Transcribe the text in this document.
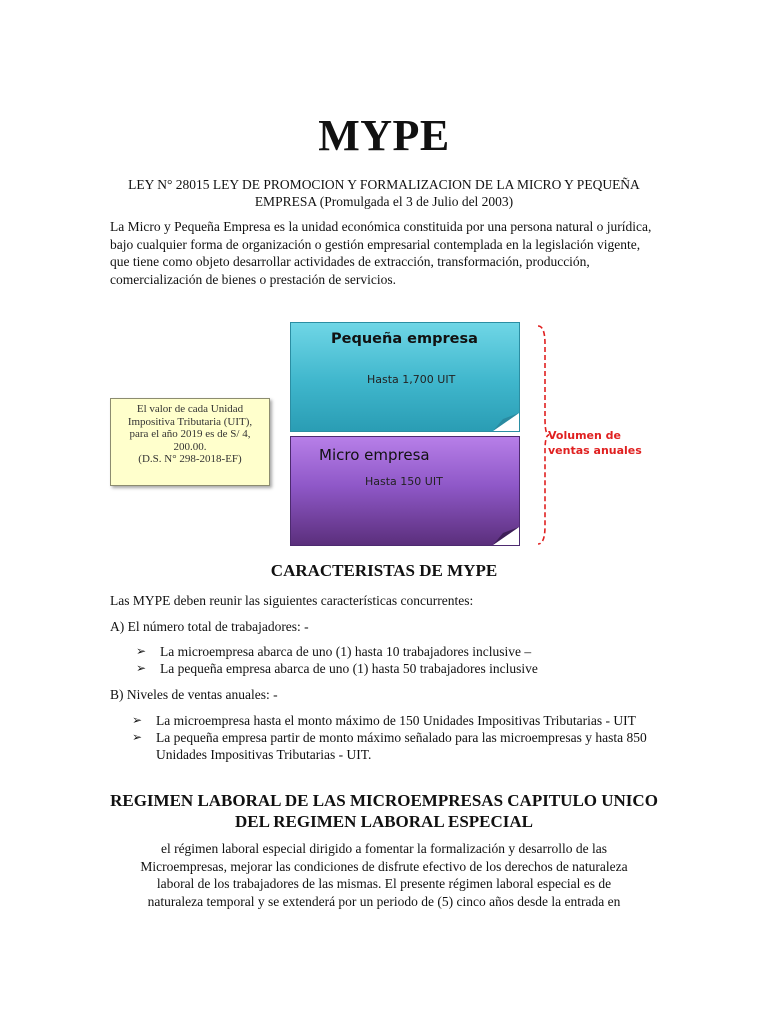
MYPE
LEY N° 28015 LEY DE PROMOCION Y FORMALIZACION DE LA MICRO Y PEQUEÑA EMPRESA (Promulgada el 3 de Julio del 2003)
La Micro y Pequeña Empresa es la unidad económica constituida por una persona natural o jurídica, bajo cualquier forma de organización o gestión empresarial contemplada en la legislación vigente, que tiene como objeto desarrollar actividades de extracción, transformación, producción, comercialización de bienes o prestación de servicios.
El valor de cada Unidad
Impositiva Tributaria (UIT),
para el año 2019 es de S/ 4,
200.00.
(D.S. N° 298-2018-EF)
Pequeña empresa
Hasta 1,700 UIT
Micro empresa
Hasta 150 UIT
Volumen de
ventas anuales
CARACTERISTAS DE MYPE
Las MYPE deben reunir las siguientes características concurrentes:
A) El número total de trabajadores: -
➢ La microempresa abarca de uno (1) hasta 10 trabajadores inclusive –
➢ La pequeña empresa abarca de uno (1) hasta 50 trabajadores inclusive
B) Niveles de ventas anuales: -
➢ La microempresa hasta el monto máximo de 150 Unidades Impositivas Tributarias - UIT
➢ La pequeña empresa partir de monto máximo señalado para las microempresas y hasta 850 Unidades Impositivas Tributarias - UIT.
REGIMEN LABORAL DE LAS MICROEMPRESAS CAPITULO UNICO DEL REGIMEN LABORAL ESPECIAL
el régimen laboral especial dirigido a fomentar la formalización y desarrollo de las Microempresas, mejorar las condiciones de disfrute efectivo de los derechos de naturaleza laboral de los trabajadores de las mismas. El presente régimen laboral especial es de naturaleza temporal y se extenderá por un periodo de (5) cinco años desde la entrada en
